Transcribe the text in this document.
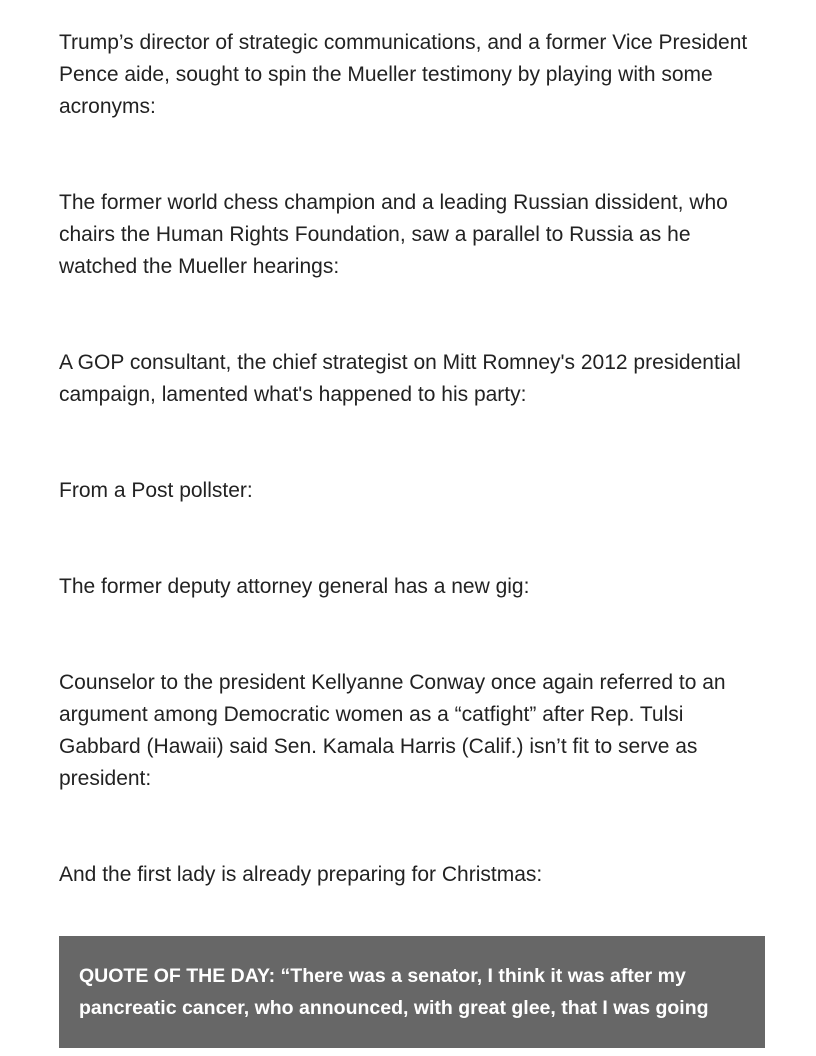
Trump’s director of strategic communications, and a former Vice President Pence aide, sought to spin the Mueller testimony by playing with some acronyms:

The former world chess champion and a leading Russian dissident, who chairs the Human Rights Foundation, saw a parallel to Russia as he watched the Mueller hearings:

A GOP consultant, the chief strategist on Mitt Romney's 2012 presidential campaign, lamented what's happened to his party:

From a Post pollster:

The former deputy attorney general has a new gig:

Counselor to the president Kellyanne Conway once again referred to an argument among Democratic women as a “catfight” after Rep. Tulsi Gabbard (Hawaii) said Sen. Kamala Harris (Calif.) isn’t fit to serve as president:

And the first lady is already preparing for Christmas:

QUOTE OF THE DAY: “There was a senator, I think it was after my pancreatic cancer, who announced, with great glee, that I was going
